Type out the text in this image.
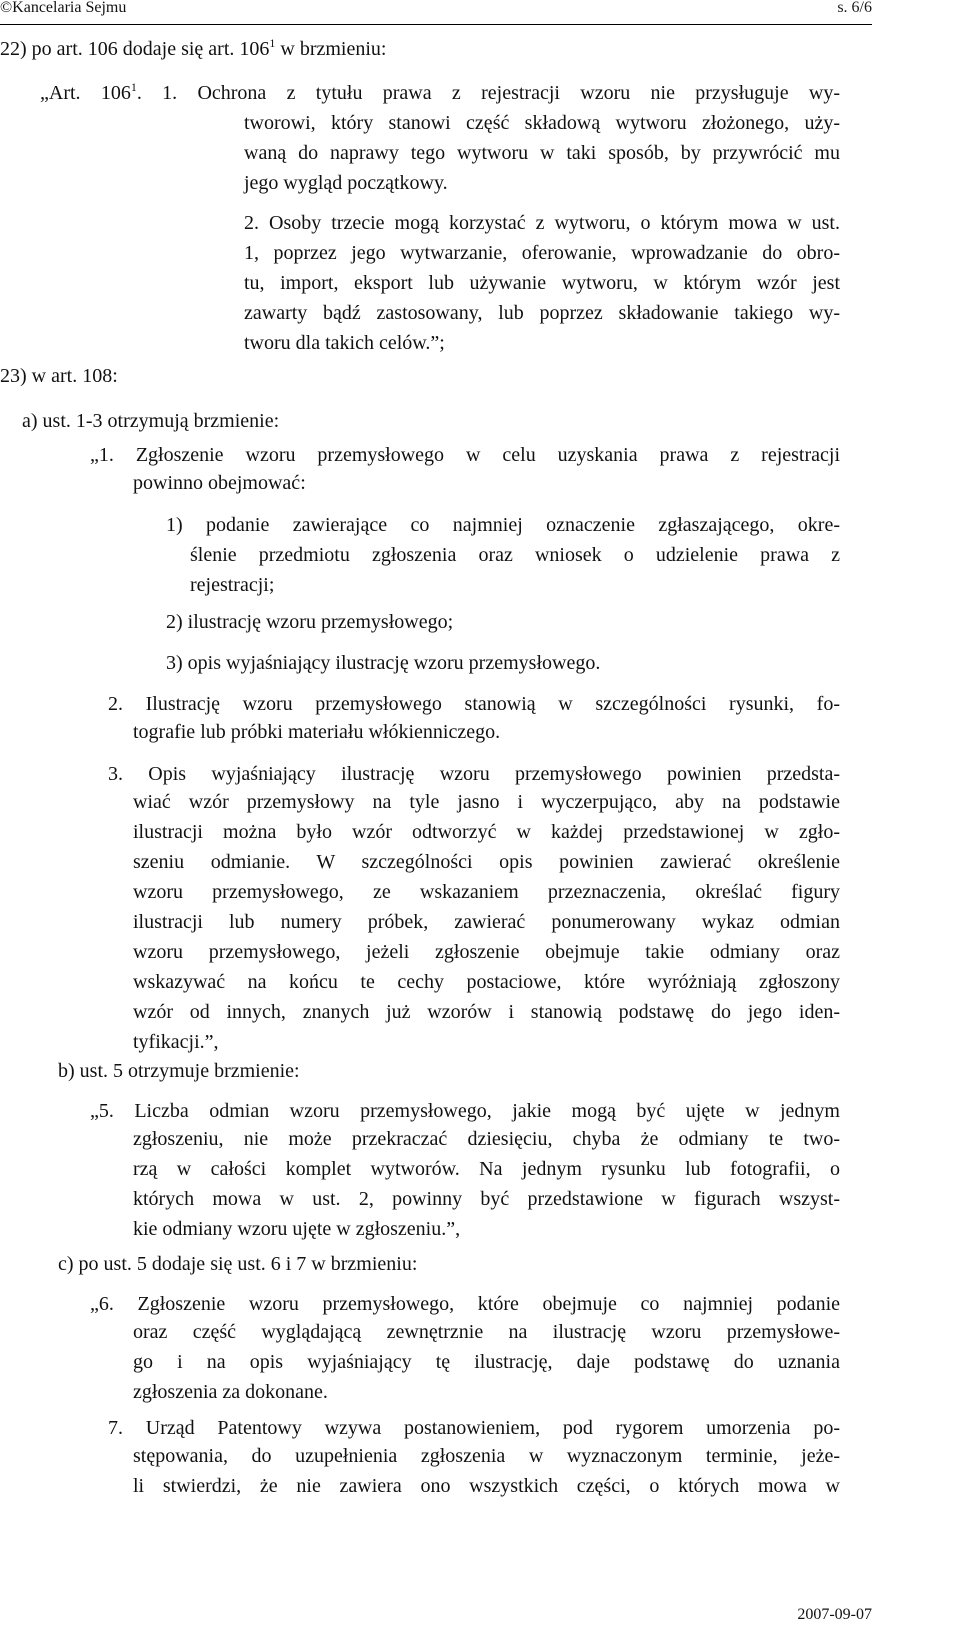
©Kancelaria Sejmu	s. 6/6
22) po art. 106 dodaje się art. $106^1$ w brzmieniu:
„Art. $106^1$. 1. Ochrona z tytułu prawa z rejestracji wzoru nie przysługuje wy-
tworowi, który stanowi część składową wytworu złożonego, uży-
waną do naprawy tego wytworu w taki sposób, by przywrócić mu
jego wygląd początkowy.
2. Osoby trzecie mogą korzystać z wytworu, o którym mowa w ust.
1, poprzez jego wytwarzanie, oferowanie, wprowadzanie do obro-
tu, import, eksport lub używanie wytworu, w którym wzór jest
zawarty bądź zastosowany, lub poprzez składowanie takiego wy-
tworu dla takich celów.”;
23) w art. 108:
a) ust. 1-3 otrzymują brzmienie:
„1. Zgłoszenie wzoru przemysłowego w celu uzyskania prawa z rejestracji
powinno obejmować:
1) podanie zawierające co najmniej oznaczenie zgłaszającego, okre-
ślenie przedmiotu zgłoszenia oraz wniosek o udzielenie prawa z
rejestracji;
2) ilustrację wzoru przemysłowego;
3) opis wyjaśniający ilustrację wzoru przemysłowego.
2. Ilustrację wzoru przemysłowego stanowią w szczególności rysunki, fo-
tografie lub próbki materiału włókienniczego.
3. Opis wyjaśniający ilustrację wzoru przemysłowego powinien przedsta-
wiać wzór przemysłowy na tyle jasno i wyczerpująco, aby na podstawie
ilustracji można było wzór odtworzyć w każdej przedstawionej w zgło-
szeniu odmianie. W szczególności opis powinien zawierać określenie
wzoru przemysłowego, ze wskazaniem przeznaczenia, określać figury
ilustracji lub numery próbek, zawierać ponumerowany wykaz odmian
wzoru przemysłowego, jeżeli zgłoszenie obejmuje takie odmiany oraz
wskazywać na końcu te cechy postaciowe, które wyróżniają zgłoszony
wzór od innych, znanych już wzorów i stanowią podstawę do jego iden-
tyfikacji.”,
b) ust. 5 otrzymuje brzmienie:
„5. Liczba odmian wzoru przemysłowego, jakie mogą być ujęte w jednym
zgłoszeniu, nie może przekraczać dziesięciu, chyba że odmiany te two-
rzą w całości komplet wytworów. Na jednym rysunku lub fotografii, o
których mowa w ust. 2, powinny być przedstawione w figurach wszyst-
kie odmiany wzoru ujęte w zgłoszeniu.”,
c) po ust. 5 dodaje się ust. 6 i 7 w brzmieniu:
„6. Zgłoszenie wzoru przemysłowego, które obejmuje co najmniej podanie
oraz część wyglądającą zewnętrznie na ilustrację wzoru przemysłowe-
go i na opis wyjaśniający tę ilustrację, daje podstawę do uznania
zgłoszenia za dokonane.
7. Urząd Patentowy wzywa postanowieniem, pod rygorem umorzenia po-
stępowania, do uzupełnienia zgłoszenia w wyznaczonym terminie, jeże-
li stwierdzi, że nie zawiera ono wszystkich części, o których mowa w
2007-09-07
